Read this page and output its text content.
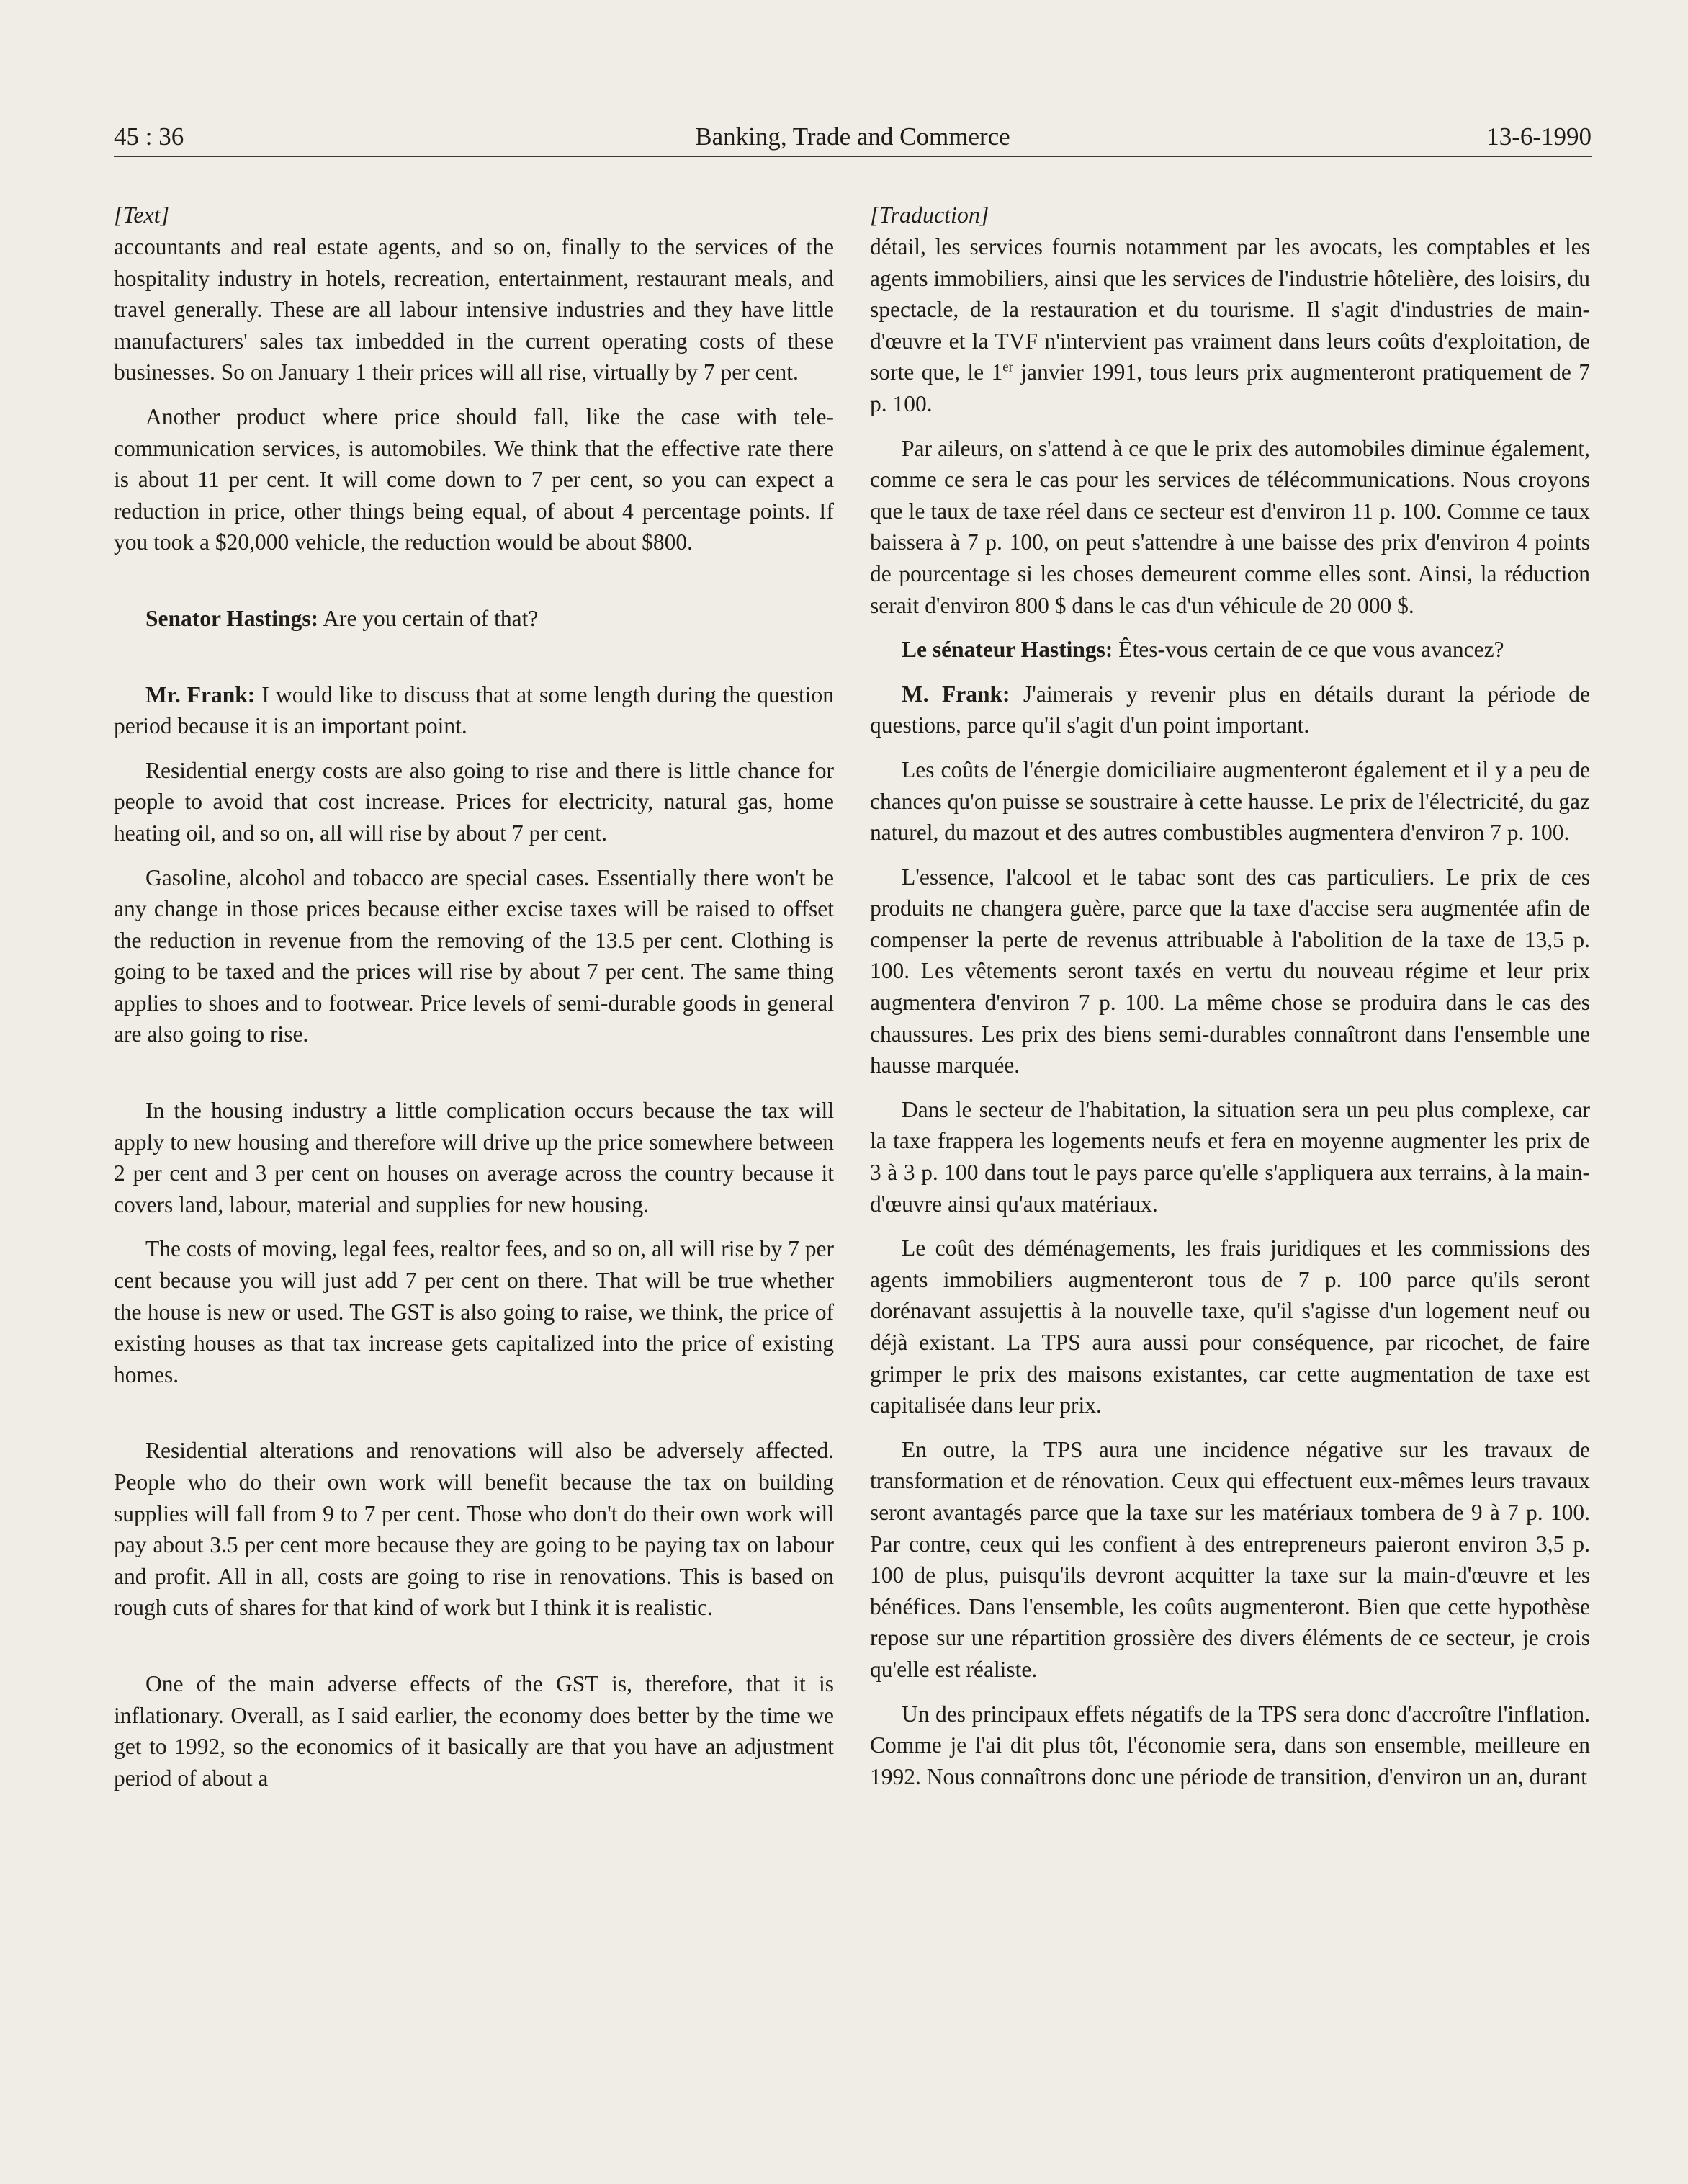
45 : 36	Banking, Trade and Commerce	13-6-1990
[Text]

accountants and real estate agents, and so on, finally to the services of the hospitality industry in hotels, recreation, entertainment, restaurant meals, and travel generally. These are all labour intensive industries and they have little manufacturers' sales tax imbedded in the current operating costs of these businesses. So on January 1 their prices will all rise, virtually by 7 per cent.

Another product where price should fall, like the case with tele-communication services, is automobiles. We think that the effective rate there is about 11 per cent. It will come down to 7 per cent, so you can expect a reduction in price, other things being equal, of about 4 percentage points. If you took a $20,000 vehicle, the reduction would be about $800.

Senator Hastings: Are you certain of that?

Mr. Frank: I would like to discuss that at some length during the question period because it is an important point.

Residential energy costs are also going to rise and there is little chance for people to avoid that cost increase. Prices for electricity, natural gas, home heating oil, and so on, all will rise by about 7 per cent.

Gasoline, alcohol and tobacco are special cases. Essentially there won't be any change in those prices because either excise taxes will be raised to offset the reduction in revenue from the removing of the 13.5 per cent. Clothing is going to be taxed and the prices will rise by about 7 per cent. The same thing applies to shoes and to footwear. Price levels of semi-durable goods in general are also going to rise.

In the housing industry a little complication occurs because the tax will apply to new housing and therefore will drive up the price somewhere between 2 per cent and 3 per cent on houses on average across the country because it covers land, labour, material and supplies for new housing.

The costs of moving, legal fees, realtor fees, and so on, all will rise by 7 per cent because you will just add 7 per cent on there. That will be true whether the house is new or used. The GST is also going to raise, we think, the price of existing houses as that tax increase gets capitalized into the price of existing homes.

Residential alterations and renovations will also be adversely affected. People who do their own work will benefit because the tax on building supplies will fall from 9 to 7 per cent. Those who don't do their own work will pay about 3.5 per cent more because they are going to be paying tax on labour and profit. All in all, costs are going to rise in renovations. This is based on rough cuts of shares for that kind of work but I think it is realistic.

One of the main adverse effects of the GST is, therefore, that it is inflationary. Overall, as I said earlier, the economy does better by the time we get to 1992, so the economics of it basically are that you have an adjustment period of about a

[Traduction]

détail, les services fournis notamment par les avocats, les comptables et les agents immobiliers, ainsi que les services de l'industrie hôtelière, des loisirs, du spectacle, de la restauration et du tourisme. Il s'agit d'industries de main-d'œuvre et la TVF n'intervient pas vraiment dans leurs coûts d'exploitation, de sorte que, le 1er janvier 1991, tous leurs prix augmenteront pratiquement de 7 p. 100.

Par aileurs, on s'attend à ce que le prix des automobiles diminue également, comme ce sera le cas pour les services de télécommunications. Nous croyons que le taux de taxe réel dans ce secteur est d'environ 11 p. 100. Comme ce taux baissera à 7 p. 100, on peut s'attendre à une baisse des prix d'environ 4 points de pourcentage si les choses demeurent comme elles sont. Ainsi, la réduction serait d'environ 800 $ dans le cas d'un véhicule de 20 000 $.

Le sénateur Hastings: Êtes-vous certain de ce que vous avancez?

M. Frank: J'aimerais y revenir plus en détails durant la période de questions, parce qu'il s'agit d'un point important.

Les coûts de l'énergie domiciliaire augmenteront également et il y a peu de chances qu'on puisse se soustraire à cette hausse. Le prix de l'électricité, du gaz naturel, du mazout et des autres combustibles augmentera d'environ 7 p. 100.

L'essence, l'alcool et le tabac sont des cas particuliers. Le prix de ces produits ne changera guère, parce que la taxe d'accise sera augmentée afin de compenser la perte de revenus attribuable à l'abolition de la taxe de 13,5 p. 100. Les vêtements seront taxés en vertu du nouveau régime et leur prix augmentera d'environ 7 p. 100. La même chose se produira dans le cas des chaussures. Les prix des biens semi-durables connaîtront dans l'ensemble une hausse marquée.

Dans le secteur de l'habitation, la situation sera un peu plus complexe, car la taxe frappera les logements neufs et fera en moyenne augmenter les prix de 3 à 3 p. 100 dans tout le pays parce qu'elle s'appliquera aux terrains, à la main-d'œuvre ainsi qu'aux matériaux.

Le coût des déménagements, les frais juridiques et les commissions des agents immobiliers augmenteront tous de 7 p. 100 parce qu'ils seront dorénavant assujettis à la nouvelle taxe, qu'il s'agisse d'un logement neuf ou déjà existant. La TPS aura aussi pour conséquence, par ricochet, de faire grimper le prix des maisons existantes, car cette augmentation de taxe est capitalisée dans leur prix.

En outre, la TPS aura une incidence négative sur les travaux de transformation et de rénovation. Ceux qui effectuent eux-mêmes leurs travaux seront avantagés parce que la taxe sur les matériaux tombera de 9 à 7 p. 100. Par contre, ceux qui les confient à des entrepreneurs paieront environ 3,5 p. 100 de plus, puisqu'ils devront acquitter la taxe sur la main-d'œuvre et les bénéfices. Dans l'ensemble, les coûts augmenteront. Bien que cette hypothèse repose sur une répartition grossière des divers éléments de ce secteur, je crois qu'elle est réaliste.

Un des principaux effets négatifs de la TPS sera donc d'accroître l'inflation. Comme je l'ai dit plus tôt, l'économie sera, dans son ensemble, meilleure en 1992. Nous connaîtrons donc une période de transition, d'environ un an, durant
